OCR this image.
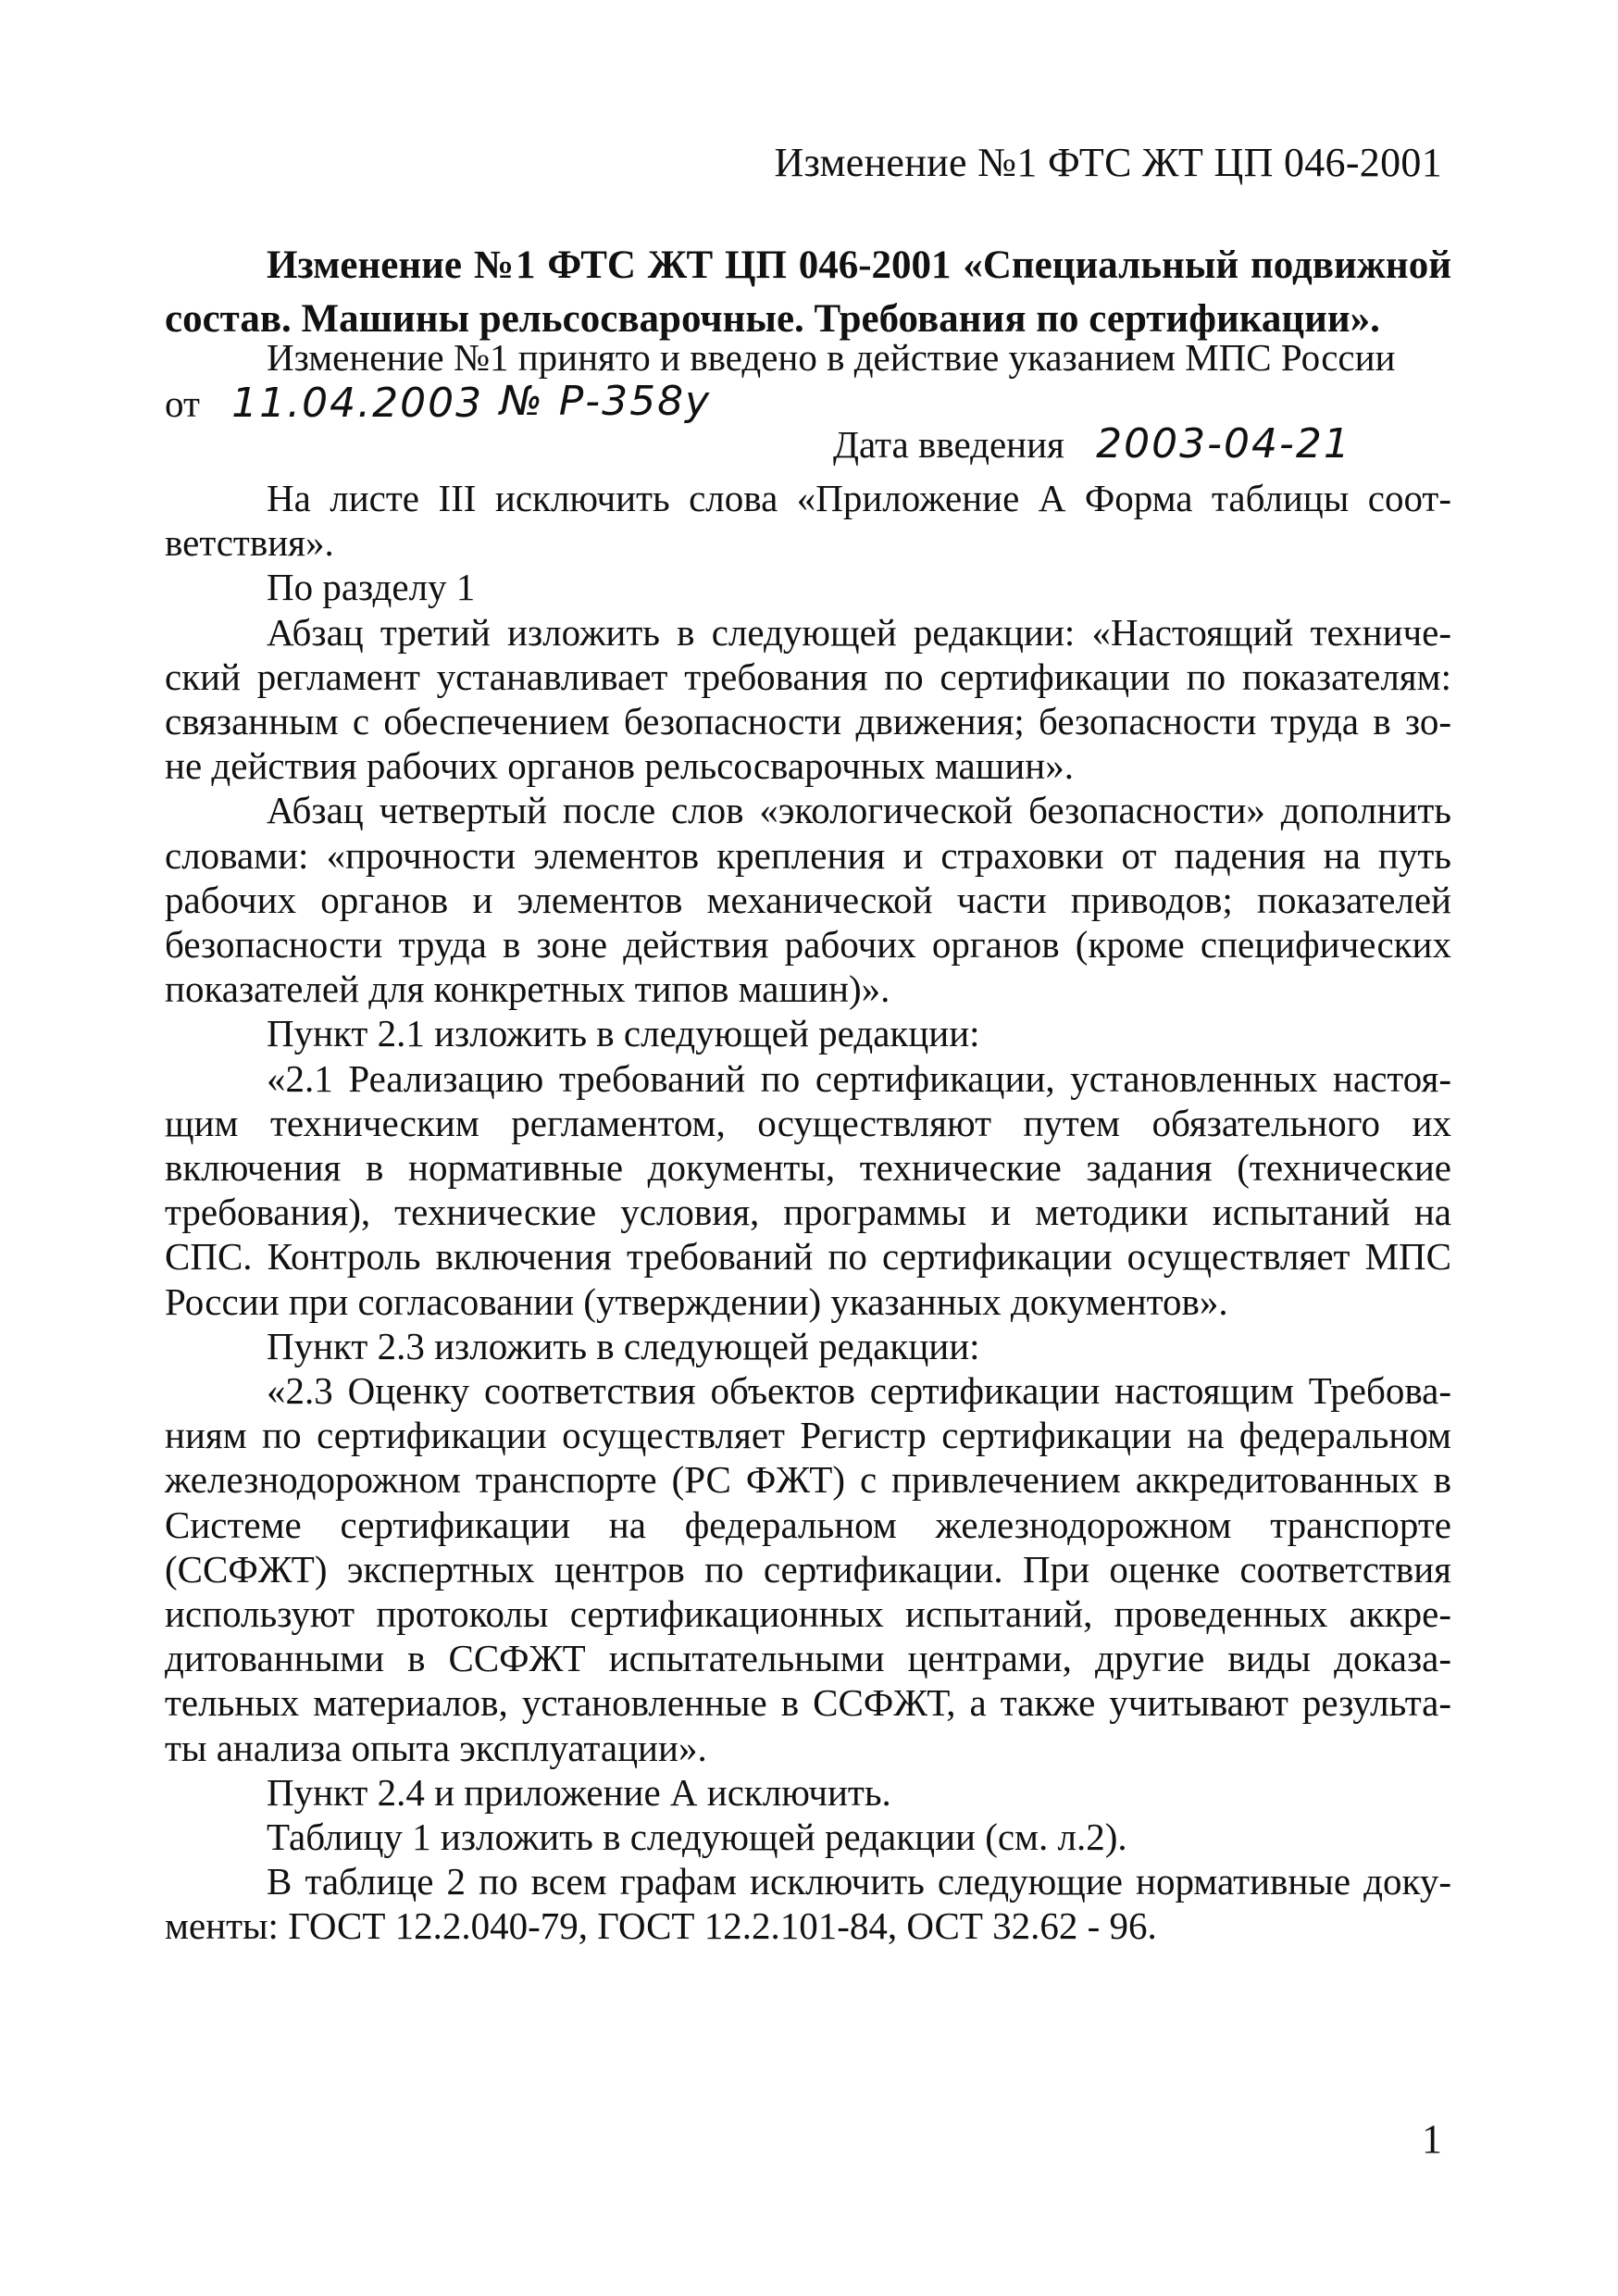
Изменение №1 ФТС ЖТ ЦП 046-2001
Изменение №1 ФТС ЖТ ЦП 046-2001 «Специальный подвижной
состав. Машины рельсосварочные. Требования по сертификации».
Изменение №1 принято и введено в действие указанием МПС России
от 11.04.2003 № Р-358у
Дата введения 2003-04-21
На листе III исключить слова «Приложение А Форма таблицы соот-
ветствия».
По разделу 1
Абзац третий изложить в следующей редакции: «Настоящий техниче-
ский регламент устанавливает требования по сертификации по показателям:
связанным с обеспечением безопасности движения; безопасности труда в зо-
не действия рабочих органов рельсосварочных машин».
Абзац четвертый после слов «экологической безопасности» дополнить
словами: «прочности элементов крепления и страховки от падения на путь
рабочих органов и элементов механической части приводов; показателей
безопасности труда в зоне действия рабочих органов (кроме специфических
показателей для конкретных типов машин)».
Пункт 2.1 изложить в следующей редакции:
«2.1 Реализацию требований по сертификации, установленных настоя-
щим техническим регламентом, осуществляют путем обязательного их
включения в нормативные документы, технические задания (технические
требования), технические условия, программы и методики испытаний на
СПС. Контроль включения требований по сертификации осуществляет МПС
России при согласовании (утверждении) указанных документов».
Пункт 2.3 изложить в следующей редакции:
«2.3 Оценку соответствия объектов сертификации настоящим Требова-
ниям по сертификации осуществляет Регистр сертификации на федеральном
железнодорожном транспорте (РС ФЖТ) с привлечением аккредитованных в
Системе сертификации на федеральном железнодорожном транспорте
(ССФЖТ) экспертных центров по сертификации. При оценке соответствия
используют протоколы сертификационных испытаний, проведенных аккре-
дитованными в ССФЖТ испытательными центрами, другие виды доказа-
тельных материалов, установленные в ССФЖТ, а также учитывают результа-
ты анализа опыта эксплуатации».
Пункт 2.4 и приложение А исключить.
Таблицу 1 изложить в следующей редакции (см. л.2).
В таблице 2 по всем графам исключить следующие нормативные доку-
менты: ГОСТ 12.2.040-79, ГОСТ 12.2.101-84, ОСТ 32.62 - 96.
1
